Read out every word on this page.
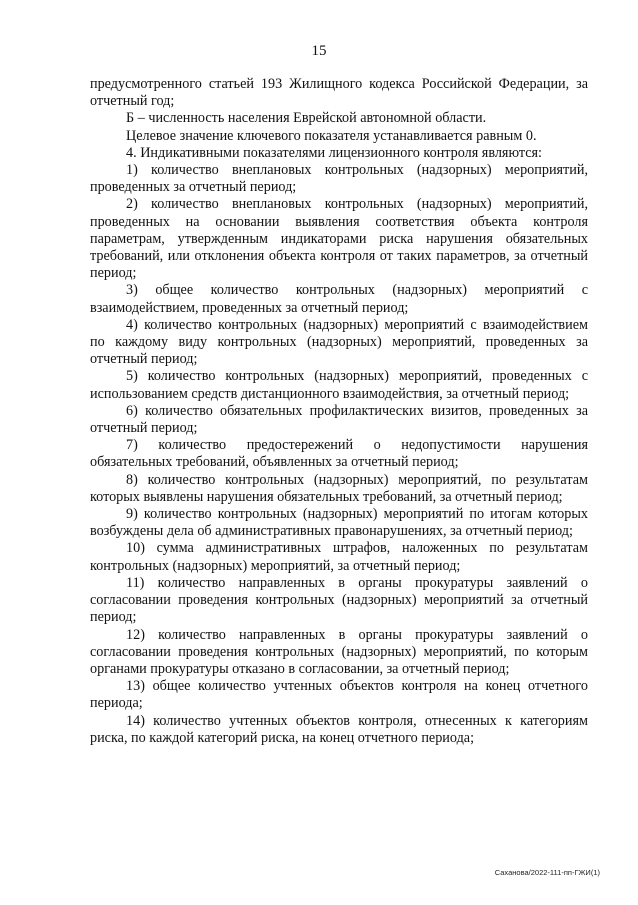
15

предусмотренного статьей 193 Жилищного кодекса Российской Федерации, за отчетный год;

Б – численность населения Еврейской автономной области.

Целевое значение ключевого показателя устанавливается равным 0.

4. Индикативными показателями лицензионного контроля являются:

1) количество внеплановых контрольных (надзорных) мероприятий, проведенных за отчетный период;

2) количество внеплановых контрольных (надзорных) мероприятий, проведенных на основании выявления соответствия объекта контроля параметрам, утвержденным индикаторами риска нарушения обязательных требований, или отклонения объекта контроля от таких параметров, за отчетный период;

3) общее количество контрольных (надзорных) мероприятий с взаимодействием, проведенных за отчетный период;

4) количество контрольных (надзорных) мероприятий с взаимодействием по каждому виду контрольных (надзорных) мероприятий, проведенных за отчетный период;

5) количество контрольных (надзорных) мероприятий, проведенных с использованием средств дистанционного взаимодействия, за отчетный период;

6) количество обязательных профилактических визитов, проведенных за отчетный период;

7) количество предостережений о недопустимости нарушения обязательных требований, объявленных за отчетный период;

8) количество контрольных (надзорных) мероприятий, по результатам которых выявлены нарушения обязательных требований, за отчетный период;

9) количество контрольных (надзорных) мероприятий по итогам которых возбуждены дела об административных правонарушениях, за отчетный период;

10) сумма административных штрафов, наложенных по результатам контрольных (надзорных) мероприятий, за отчетный период;

11) количество направленных в органы прокуратуры заявлений о согласовании проведения контрольных (надзорных) мероприятий за отчетный период;

12) количество направленных в органы прокуратуры заявлений о согласовании проведения контрольных (надзорных) мероприятий, по которым органами прокуратуры отказано в согласовании, за отчетный период;

13) общее количество учтенных объектов контроля на конец отчетного периода;

14) количество учтенных объектов контроля, отнесенных к категориям риска, по каждой категорий риска, на конец отчетного периода;

Саханова/2022-111-пп-ГЖИ(1)
